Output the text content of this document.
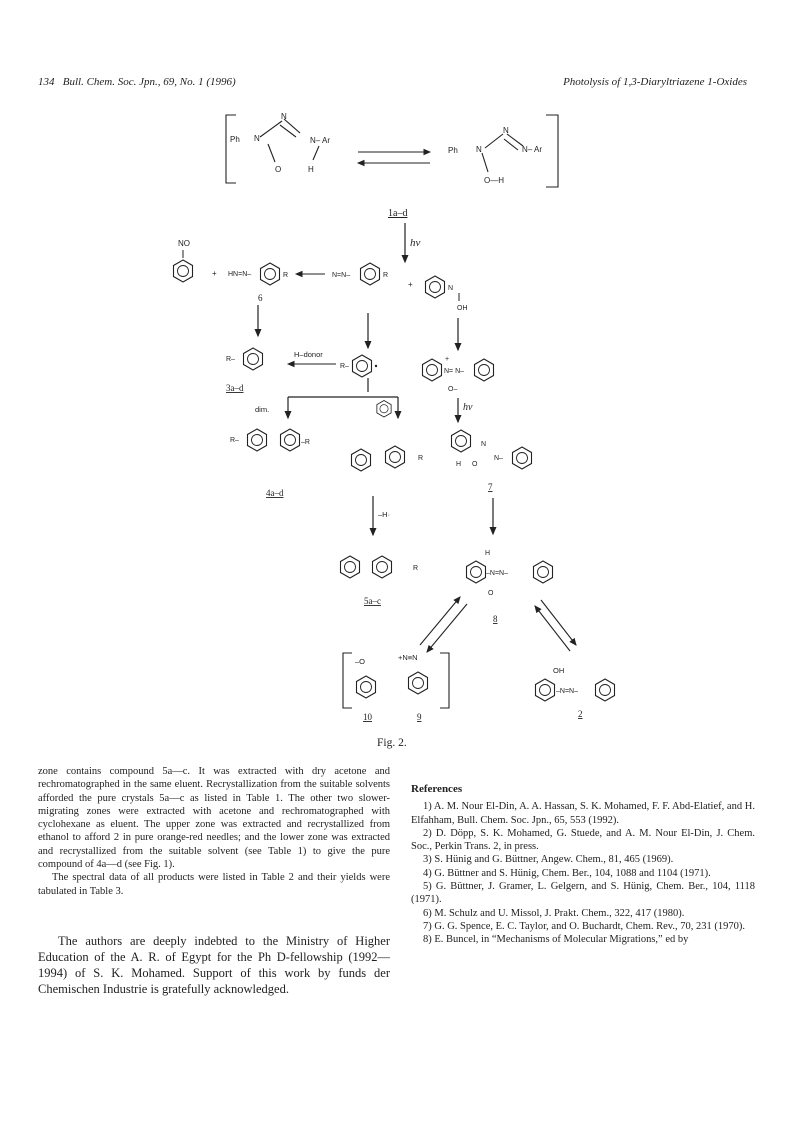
134 Bull. Chem. Soc. Jpn., 69, No. 1 (1996)	Photolysis of 1,3-Diaryltriazene 1-Oxides
Ph N
N
N– Ar
O	H
Ph N
N
N– Ar
O—H
1a–d
hν
NO
+ HN=N–	R
6
N=N–	R
+	N
OH
R–
3a–d
H–donor
R–
+
N= N–
O–
dim.	hν
R–	–R
4a–d
R
N
H O
N–
7
–H·
R
5a–c
H
–N=N–
O
8
–O	+N≡N
10	9
OH
–N=N–
2
Fig. 2.

zone contains compound 5a—c. It was extracted with dry acetone and rechromatographed in the same eluent. Recrystallization from the suitable solvents afforded the pure crystals 5a—c as listed in Table 1. The other two slower-migrating zones were extracted with acetone and rechromatographed with cyclohexane as eluent. The upper zone was extracted and recrystallized from ethanol to afford 2 in pure orange-red needles; and the lower zone was extracted and recrystallized from the suitable solvent (see Table 1) to give the pure compound of 4a—d (see Fig. 1).

The spectral data of all products were listed in Table 2 and their yields were tabulated in Table 3.

The authors are deeply indebted to the Ministry of Higher Education of the A. R. of Egypt for the Ph D-fellowship (1992—1994) of S. K. Mohamed. Support of this work by funds der Chemischen Industrie is gratefully acknowledged.

References

1) A. M. Nour El-Din, A. A. Hassan, S. K. Mohamed, F. F. Abd-Elatief, and H. Elfahham, Bull. Chem. Soc. Jpn., 65, 553 (1992).

2) D. Döpp, S. K. Mohamed, G. Stuede, and A. M. Nour El-Din, J. Chem. Soc., Perkin Trans. 2, in press.

3) S. Hünig and G. Büttner, Angew. Chem., 81, 465 (1969).

4) G. Büttner and S. Hünig, Chem. Ber., 104, 1088 and 1104 (1971).

5) G. Büttner, J. Gramer, L. Gelgern, and S. Hünig, Chem. Ber., 104, 1118 (1971).

6) M. Schulz and U. Missol, J. Prakt. Chem., 322, 417 (1980).

7) G. G. Spence, E. C. Taylor, and O. Buchardt, Chem. Rev., 70, 231 (1970).

8) E. Buncel, in “Mechanisms of Molecular Migrations,” ed by
